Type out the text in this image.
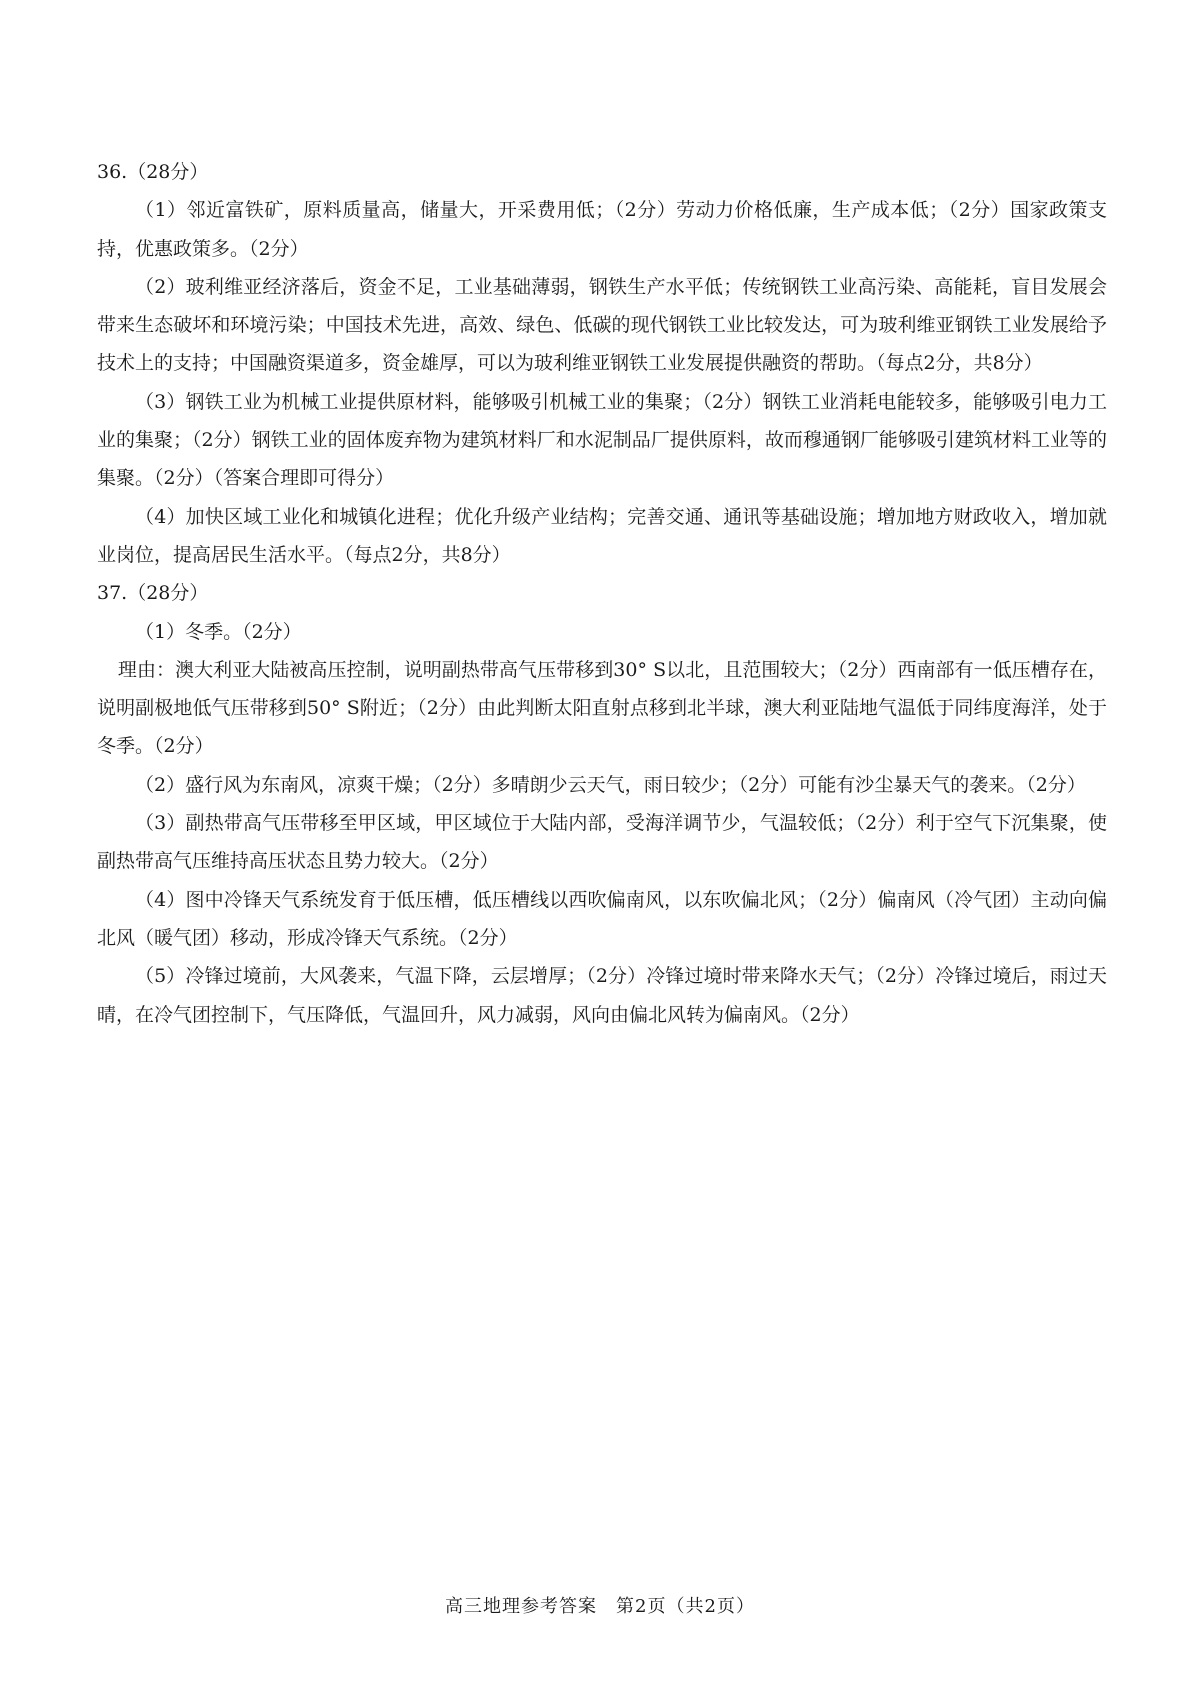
36.（28分）

（1）邻近富铁矿，原料质量高，储量大，开采费用低；（2分）劳动力价格低廉，生产成本低；（2分）国家政策支持，优惠政策多。（2分）

（2）玻利维亚经济落后，资金不足，工业基础薄弱，钢铁生产水平低；传统钢铁工业高污染、高能耗，盲目发展会带来生态破坏和环境污染；中国技术先进，高效、绿色、低碳的现代钢铁工业比较发达，可为玻利维亚钢铁工业发展给予技术上的支持；中国融资渠道多，资金雄厚，可以为玻利维亚钢铁工业发展提供融资的帮助。（每点2分，共8分）

（3）钢铁工业为机械工业提供原材料，能够吸引机械工业的集聚；（2分）钢铁工业消耗电能较多，能够吸引电力工业的集聚；（2分）钢铁工业的固体废弃物为建筑材料厂和水泥制品厂提供原料，故而穆通钢厂能够吸引建筑材料工业等的集聚。（2分）（答案合理即可得分）

（4）加快区域工业化和城镇化进程；优化升级产业结构；完善交通、通讯等基础设施；增加地方财政收入，增加就业岗位，提高居民生活水平。（每点2分，共8分）

37.（28分）

（1）冬季。（2分）

理由：澳大利亚大陆被高压控制，说明副热带高气压带移到30° S以北，且范围较大；（2分）西南部有一低压槽存在，说明副极地低气压带移到50° S附近；（2分）由此判断太阳直射点移到北半球，澳大利亚陆地气温低于同纬度海洋，处于冬季。（2分）

（2）盛行风为东南风，凉爽干燥；（2分）多晴朗少云天气，雨日较少；（2分）可能有沙尘暴天气的袭来。（2分）

（3）副热带高气压带移至甲区域，甲区域位于大陆内部，受海洋调节少，气温较低；（2分）利于空气下沉集聚，使副热带高气压维持高压状态且势力较大。（2分）

（4）图中冷锋天气系统发育于低压槽，低压槽线以西吹偏南风，以东吹偏北风；（2分）偏南风（冷气团）主动向偏北风（暖气团）移动，形成冷锋天气系统。（2分）

（5）冷锋过境前，大风袭来，气温下降，云层增厚；（2分）冷锋过境时带来降水天气；（2分）冷锋过境后，雨过天晴，在冷气团控制下，气压降低，气温回升，风力减弱，风向由偏北风转为偏南风。（2分）

高三地理参考答案　第2页（共2页）
